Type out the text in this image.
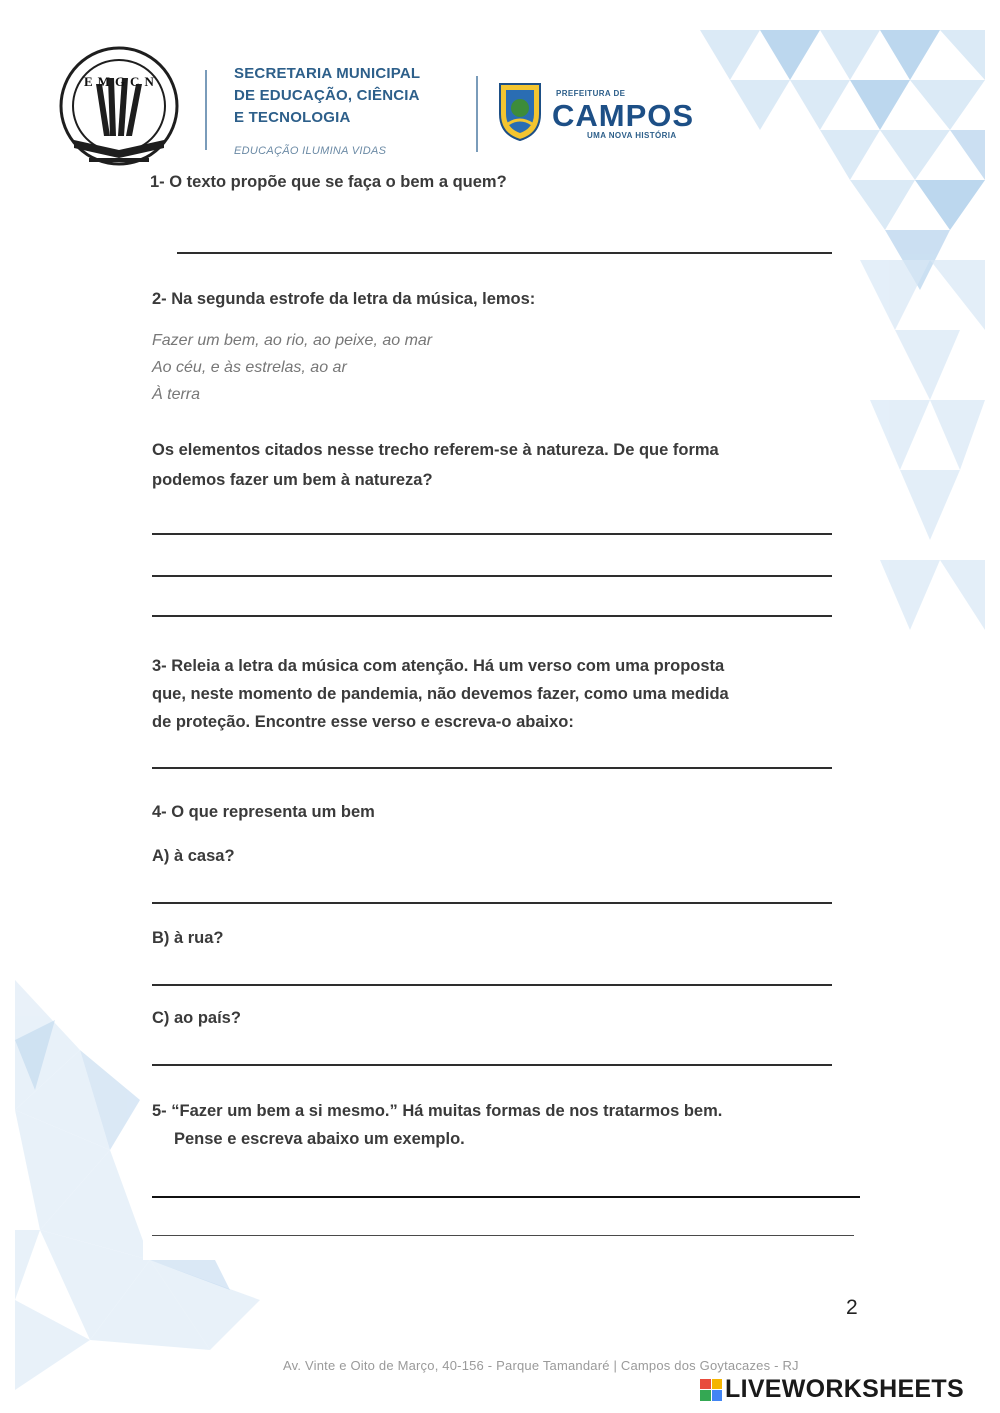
EMGCN	SECRETARIA MUNICIPAL
DE EDUCAÇÃO, CIÊNCIA
E TECNOLOGIA
EDUCAÇÃO ILUMINA VIDAS
PREFEITURA DE
CAMPOS
UMA NOVA HISTÓRIA
1- O texto propõe que se faça o bem a quem?
2- Na segunda estrofe da letra da música, lemos:
Fazer um bem, ao rio, ao peixe, ao mar
Ao céu, e às estrelas, ao ar
À terra
Os elementos citados nesse trecho referem-se à natureza. De que forma
podemos fazer um bem à natureza?
3- Releia a letra da música com atenção. Há um verso com uma proposta
que, neste momento de pandemia, não devemos fazer, como uma medida
de proteção. Encontre esse verso e escreva-o abaixo:
4- O que representa um bem
A) à casa?
B) à rua?
C) ao país?
5- “Fazer um bem a si mesmo.” Há muitas formas de nos tratarmos bem.
Pense e escreva abaixo um exemplo.
2
Av. Vinte e Oito de Março, 40-156 - Parque Tamandaré | Campos dos Goytacazes - RJ
LIVEWORKSHEETS
